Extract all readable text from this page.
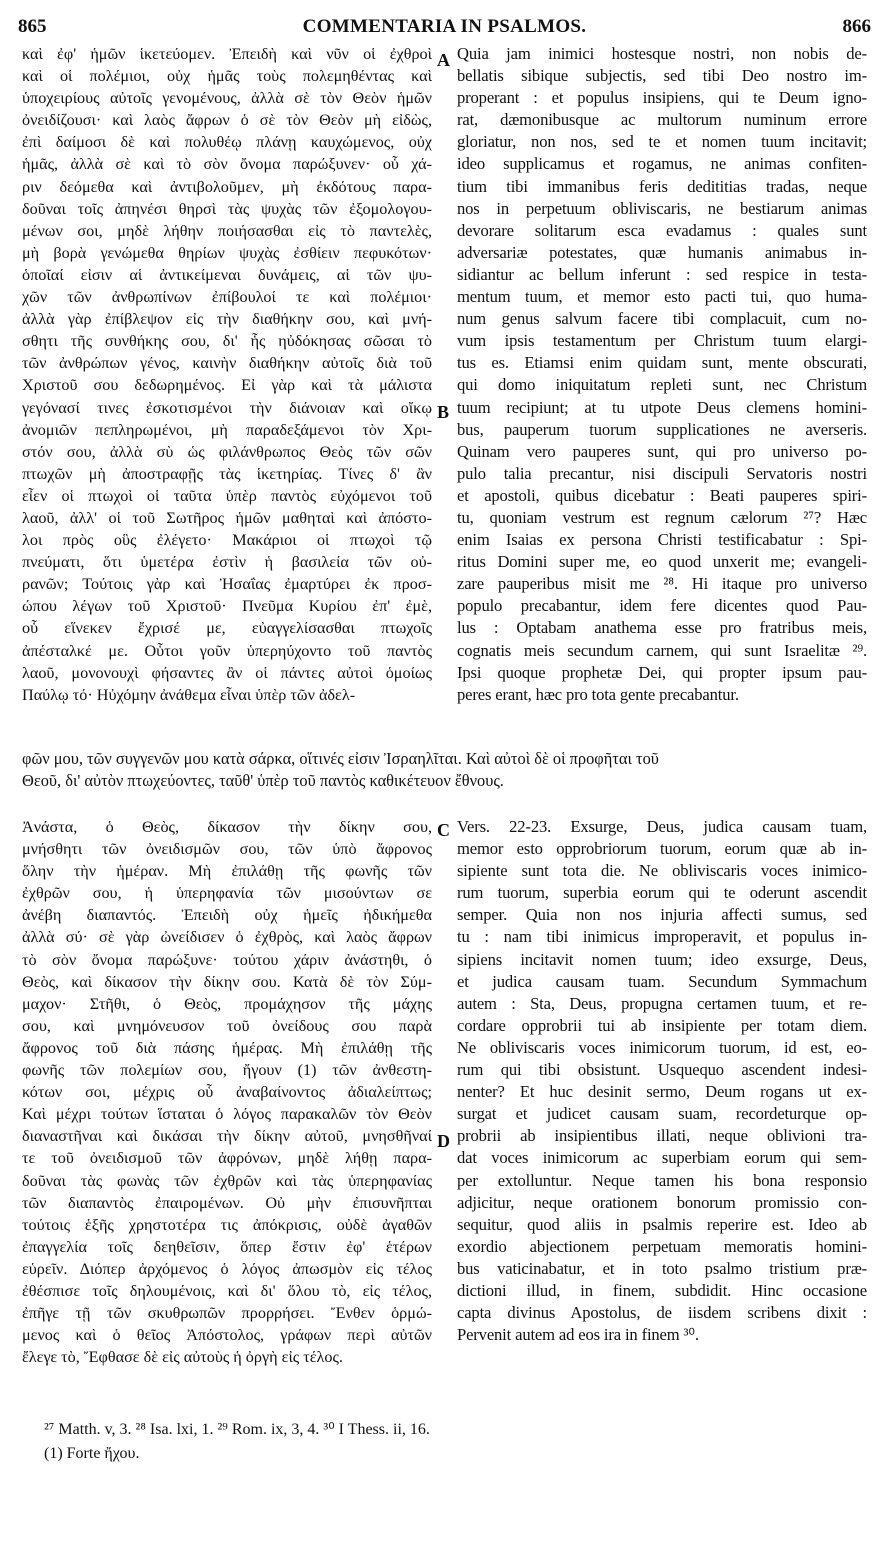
865	COMMENTARIA IN PSALMOS.	866
καὶ ἐφ' ἡμῶν ἱκετεύομεν. Ἐπειδὴ καὶ νῦν οἱ ἐχθροὶ
καὶ οἱ πολέμιοι, οὐχ ἡμᾶς τοὺς πολεμηθέντας καὶ
ὑποχειρίους αὐτοῖς γενομένους, ἀλλὰ σὲ τὸν Θεὸν ἡμῶν
ὀνειδίζουσι· καὶ λαὸς ἄφρων ὁ σὲ τὸν Θεὸν μὴ εἰδὼς,
ἐπὶ δαίμοσι δὲ καὶ πολυθέῳ πλάνῃ καυχώμενος, οὐχ
ἡμᾶς, ἀλλὰ σὲ καὶ τὸ σὸν ὄνομα παρώξυνεν· οὗ χά-
ριν δεόμεθα καὶ ἀντιβολοῦμεν, μὴ ἐκδότους παρα-
δοῦναι τοῖς ἀπηνέσι θηρσὶ τὰς ψυχὰς τῶν ἐξομολογου-
μένων σοι, μηδὲ λήθην ποιήσασθαι εἰς τὸ παντελὲς,
μὴ βορὰ γενώμεθα θηρίων ψυχὰς ἐσθίειν πεφυκότων·
ὁποῖαί εἰσιν αἱ ἀντικείμεναι δυνάμεις, αἱ τῶν ψυ-
χῶν τῶν ἀνθρωπίνων ἐπίβουλοί τε καὶ πολέμιοι·
ἀλλὰ γὰρ ἐπίβλεψον εἰς τὴν διαθήκην σου, καὶ μνή-
σθητι τῆς συνθήκης σου, δι' ἧς ηὐδόκησας σῶσαι τὸ
τῶν ἀνθρώπων γένος, καινὴν διαθήκην αὐτοῖς διὰ τοῦ
Χριστοῦ σου δεδωρημένος. Εἰ γὰρ καὶ τὰ μάλιστα
γεγόνασί τινες ἐσκοτισμένοι τὴν διάνοιαν καὶ οἴκῳ
ἀνομιῶν πεπληρωμένοι, μὴ παραδεξάμενοι τὸν Χρι-
στόν σου, ἀλλὰ σὺ ὡς φιλάνθρωπος Θεὸς τῶν σῶν
πτωχῶν μὴ ἀποστραφῇς τὰς ἱκετηρίας. Τίνες δ' ἂν
εἶεν οἱ πτωχοὶ οἱ ταῦτα ὑπὲρ παντὸς εὐχόμενοι τοῦ
λαοῦ, ἀλλ' οἱ τοῦ Σωτῆρος ἡμῶν μαθηταὶ καὶ ἀπόστο-
λοι πρὸς οὓς ἐλέγετο· Μακάριοι οἱ πτωχοὶ τῷ
πνεύματι, ὅτι ὑμετέρα ἐστὶν ἡ βασιλεία τῶν οὐ-
ρανῶν; Τούτοις γὰρ καὶ Ἠσαΐας ἐμαρτύρει ἐκ προσ-
ώπου λέγων τοῦ Χριστοῦ· Πνεῦμα Κυρίου ἐπ' ἐμὲ,
οὗ εἵνεκεν ἔχρισέ με, εὐαγγελίσασθαι πτωχοῖς
ἀπέσταλκέ με. Οὗτοι γοῦν ὑπερηύχοντο τοῦ παντὸς
λαοῦ, μονονουχὶ φήσαντες ἂν οἱ πάντες αὐτοὶ ὁμοίως
Παύλῳ τό· Ηὐχόμην ἀνάθεμα εἶναι ὑπὲρ τῶν ἀδελ-
Quia jam inimici hostesque nostri, non nobis de-
bellatis sibique subjectis, sed tibi Deo nostro im-
properant : et populus insipiens, qui te Deum igno-
rat, dæmonibusque ac multorum numinum errore
gloriatur, non nos, sed te et nomen tuum incitavit;
ideo supplicamus et rogamus, ne animas confiten-
tium tibi immanibus feris dedititias tradas, neque
nos in perpetuum obliviscaris, ne bestiarum animas
devorare solitarum esca evadamus : quales sunt
adversariæ potestates, quæ humanis animabus in-
sidiantur ac bellum inferunt : sed respice in testa-
mentum tuum, et memor esto pacti tui, quo huma-
num genus salvum facere tibi complacuit, cum no-
vum ipsis testamentum per Christum tuum elargi-
tus es. Etiamsi enim quidam sunt, mente obscurati,
qui domo iniquitatum repleti sunt, nec Christum
tuum recipiunt; at tu utpote Deus clemens homini-
bus, pauperum tuorum supplicationes ne averseris.
Quinam vero pauperes sunt, qui pro universo po-
pulo talia precantur, nisi discipuli Servatoris nostri
et apostoli, quibus dicebatur : Beati pauperes spiri-
tu, quoniam vestrum est regnum cælorum ²⁷? Hæc
enim Isaias ex persona Christi testificabatur : Spi-
ritus Domini super me, eo quod unxerit me; evangeli-
zare pauperibus misit me ²⁸. Hi itaque pro universo
populo precabantur, idem fere dicentes quod Pau-
lus : Optabam anathema esse pro fratribus meis,
cognatis meis secundum carnem, qui sunt Israelitæ ²⁹.
Ipsi quoque prophetæ Dei, qui propter ipsum pau-
peres erant, hæc pro tota gente precabantur.
φῶν μου, τῶν συγγενῶν μου κατὰ σάρκα, οἵτινές εἰσιν Ἰσραηλῖται. Καὶ αὐτοὶ δὲ οἱ προφῆται τοῦ
Θεοῦ, δι' αὐτὸν πτωχεύοντες, ταῦθ' ὑπὲρ τοῦ παντὸς καθικέτευον ἔθνους.
Ἀνάστα, ὁ Θεὸς, δίκασον τὴν δίκην σου,
μνήσθητι τῶν ὀνειδισμῶν σου, τῶν ὑπὸ ἄφρονος
ὅλην τὴν ἡμέραν. Μὴ ἐπιλάθῃ τῆς φωνῆς τῶν
ἐχθρῶν σου, ἡ ὑπερηφανία τῶν μισούντων σε
ἀνέβη διαπαντός. Ἐπειδὴ οὐχ ἡμεῖς ἠδικήμεθα
ἀλλὰ σύ· σὲ γὰρ ὠνείδισεν ὁ ἐχθρὸς, καὶ λαὸς ἄφρων
τὸ σὸν ὄνομα παρώξυνε· τούτου χάριν ἀνάστηθι, ὁ
Θεὸς, καὶ δίκασον τὴν δίκην σου. Κατὰ δὲ τὸν Σύμ-
μαχον· Στῆθι, ὁ Θεὸς, προμάχησον τῆς μάχης
σου, καὶ μνημόνευσον τοῦ ὀνείδους σου παρὰ
ἄφρονος τοῦ διὰ πάσης ἡμέρας. Μὴ ἐπιλάθῃ τῆς
φωνῆς τῶν πολεμίων σου, ἤγουν (1) τῶν ἀνθεστη-
κότων σοι, μέχρις οὗ ἀναβαίνοντος ἀδιαλείπτως;
Καὶ μέχρι τούτων ἵσταται ὁ λόγος παρακαλῶν τὸν Θεὸν
διαναστῆναι καὶ δικάσαι τὴν δίκην αὐτοῦ, μνησθῆναί
τε τοῦ ὀνειδισμοῦ τῶν ἀφρόνων, μηδὲ λήθῃ παρα-
δοῦναι τὰς φωνὰς τῶν ἐχθρῶν καὶ τὰς ὑπερηφανίας
τῶν διαπαντὸς ἐπαιρομένων. Οὐ μὴν ἐπισυνῆπται
τούτοις ἑξῆς χρηστοτέρα τις ἀπόκρισις, οὐδὲ ἀγαθῶν
ἐπαγγελία τοῖς δεηθεῖσιν, ὅπερ ἔστιν ἐφ' ἑτέρων
εὑρεῖν. Διόπερ ἀρχόμενος ὁ λόγος ἀπωσμὸν εἰς τέλος
ἐθέσπισε τοῖς δηλουμένοις, καὶ δι' ὅλου τὸ, εἰς τέλος,
ἐπῆγε τῇ τῶν σκυθρωπῶν προρρήσει. Ἔνθεν ὁρμώ-
μενος καὶ ὁ θεῖος Ἀπόστολος, γράφων περὶ αὐτῶν
ἔλεγε τὸ, Ἔφθασε δὲ εἰς αὐτοὺς ἡ ὀργὴ εἰς τέλος.
Vers. 22-23. Exsurge, Deus, judica causam tuam,
memor esto opprobriorum tuorum, eorum quæ ab in-
sipiente sunt tota die. Ne obliviscaris voces inimico-
rum tuorum, superbia eorum qui te oderunt ascendit
semper. Quia non nos injuria affecti sumus, sed
tu : nam tibi inimicus improperavit, et populus in-
sipiens incitavit nomen tuum; ideo exsurge, Deus,
et judica causam tuam. Secundum Symmachum
autem : Sta, Deus, propugna certamen tuum, et re-
cordare opprobrii tui ab insipiente per totam diem.
Ne obliviscaris voces inimicorum tuorum, id est, eo-
rum qui tibi obsistunt. Usquequo ascendent indesi-
nenter? Et huc desinit sermo, Deum rogans ut ex-
surgat et judicet causam suam, recordeturque op-
probrii ab insipientibus illati, neque oblivioni tra-
dat voces inimicorum ac superbiam eorum qui sem-
per extolluntur. Neque tamen his bona responsio
adjicitur, neque orationem bonorum promissio con-
sequitur, quod aliis in psalmis reperire est. Ideo ab
exordio abjectionem perpetuam memoratis homini-
bus vaticinabatur, et in toto psalmo tristium præ-
dictioni illud, in finem, subdidit. Hinc occasione
capta divinus Apostolus, de iisdem scribens dixit :
Pervenit autem ad eos ira in finem ³⁰.
A
B
C
D
²⁷ Matth. v, 3. ²⁸ Isa. lxi, 1. ²⁹ Rom. ix, 3, 4. ³⁰ I Thess. ii, 16.
(1) Forte ἤχου.
